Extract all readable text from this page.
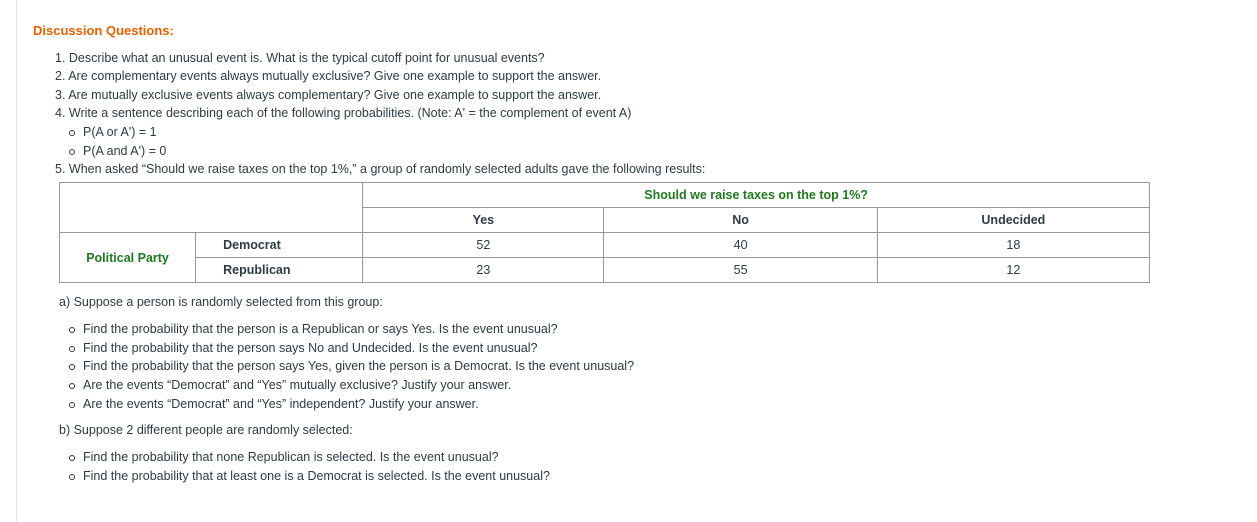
Discussion Questions:
1. Describe what an unusual event is. What is the typical cutoff point for unusual events?
2. Are complementary events always mutually exclusive? Give one example to support the answer.
3. Are mutually exclusive events always complementary? Give one example to support the answer.
4. Write a sentence describing each of the following probabilities. (Note: A' = the complement of event A)
P(A or A') = 1
P(A and A') = 0
5. When asked “Should we raise taxes on the top 1%,” a group of randomly selected adults gave the following results:
		Should we raise taxes on the top 1%?		
		Yes	No	Undecided
Political Party	Democrat	52	40	18
	Republican	23	55	12
a) Suppose a person is randomly selected from this group:
Find the probability that the person is a Republican or says Yes. Is the event unusual?
Find the probability that the person says No and Undecided. Is the event unusual?
Find the probability that the person says Yes, given the person is a Democrat. Is the event unusual?
Are the events “Democrat” and “Yes” mutually exclusive? Justify your answer.
Are the events “Democrat” and “Yes” independent? Justify your answer.
b) Suppose 2 different people are randomly selected:
Find the probability that none Republican is selected. Is the event unusual?
Find the probability that at least one is a Democrat is selected. Is the event unusual?
